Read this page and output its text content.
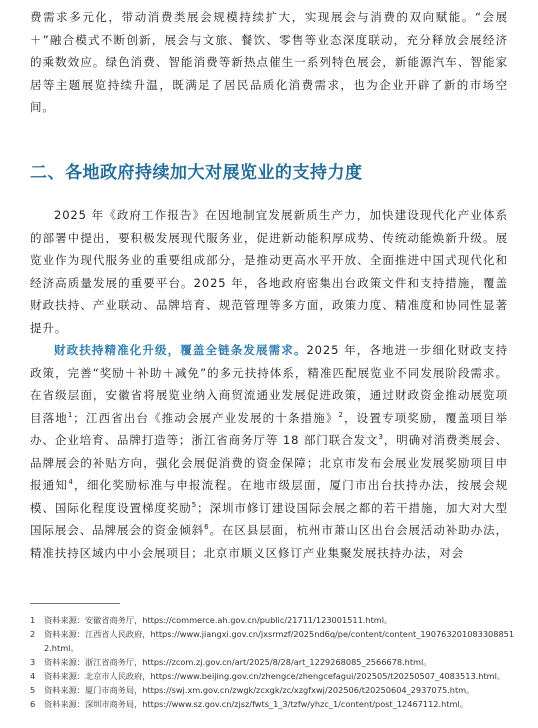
费需求多元化，带动消费类展会规模持续扩大，实现展会与消费的双向赋能。“会展＋”融合模式不断创新，展会与文旅、餐饮、零售等业态深度联动，充分释放会展经济的乘数效应。绿色消费、智能消费等新热点催生一系列特色展会，新能源汽车、智能家居等主题展览持续升温，既满足了居民品质化消费需求，也为企业开辟了新的市场空间。

二、各地政府持续加大对展览业的支持力度

2025 年《政府工作报告》在因地制宜发展新质生产力，加快建设现代化产业体系的部署中提出，要积极发展现代服务业，促进新动能积厚成势、传统动能焕新升级。展览业作为现代服务业的重要组成部分，是推动更高水平开放、全面推进中国式现代化和经济高质量发展的重要平台。2025 年，各地政府密集出台政策文件和支持措施，覆盖财政扶持、产业联动、品牌培育、规范管理等多方面，政策力度、精准度和协同性显著提升。

财政扶持精准化升级，覆盖全链条发展需求。2025 年，各地进一步细化财政支持政策，完善“奖励＋补助＋减免”的多元扶持体系，精准匹配展览业不同发展阶段需求。在省级层面，安徽省将展览业纳入商贸流通业发展促进政策，通过财政资金推动展览项目落地$^1$；江西省出台《推动会展产业发展的十条措施》$^2$，设置专项奖励，覆盖项目举办、企业培育、品牌打造等；浙江省商务厅等 18 部门联合发文$^3$，明确对消费类展会、品牌展会的补贴方向，强化会展促消费的资金保障；北京市发布会展业发展奖励项目申报通知$^4$，细化奖励标准与申报流程。在地市级层面，厦门市出台扶持办法，按展会规模、国际化程度设置梯度奖励$^5$；深圳市修订建设国际会展之都的若干措施，加大对大型国际展会、品牌展会的资金倾斜$^6$。在区县层面，杭州市萧山区出台会展活动补助办法，精准扶持区域内中小会展项目；北京市顺义区修订产业集聚发展扶持办法，对会

1	资料来源：安徽省商务厅，https://commerce.ah.gov.cn/public/21711/123001511.html。
2	资料来源：江西省人民政府，https://www.jiangxi.gov.cn/jxsrmzf/2025nd6q/pe/content/content_1907632010833088512.html。
3	资料来源：浙江省商务厅，https://zcom.zj.gov.cn/art/2025/8/28/art_1229268085_2566678.html。
4	资料来源：北京市人民政府，https://www.beijing.gov.cn/zhengce/zhengcefagui/202505/t20250507_4083513.html。
5	资料来源：厦门市商务局，https://swj.xm.gov.cn/zwgk/zcxgk/zc/xzgfxwj/202506/t20250604_2937075.htm。
6	资料来源：深圳市商务局，https://www.sz.gov.cn/zjsz/fwts_1_3/tzfw/yhzc_1/content/post_12467112.html。
